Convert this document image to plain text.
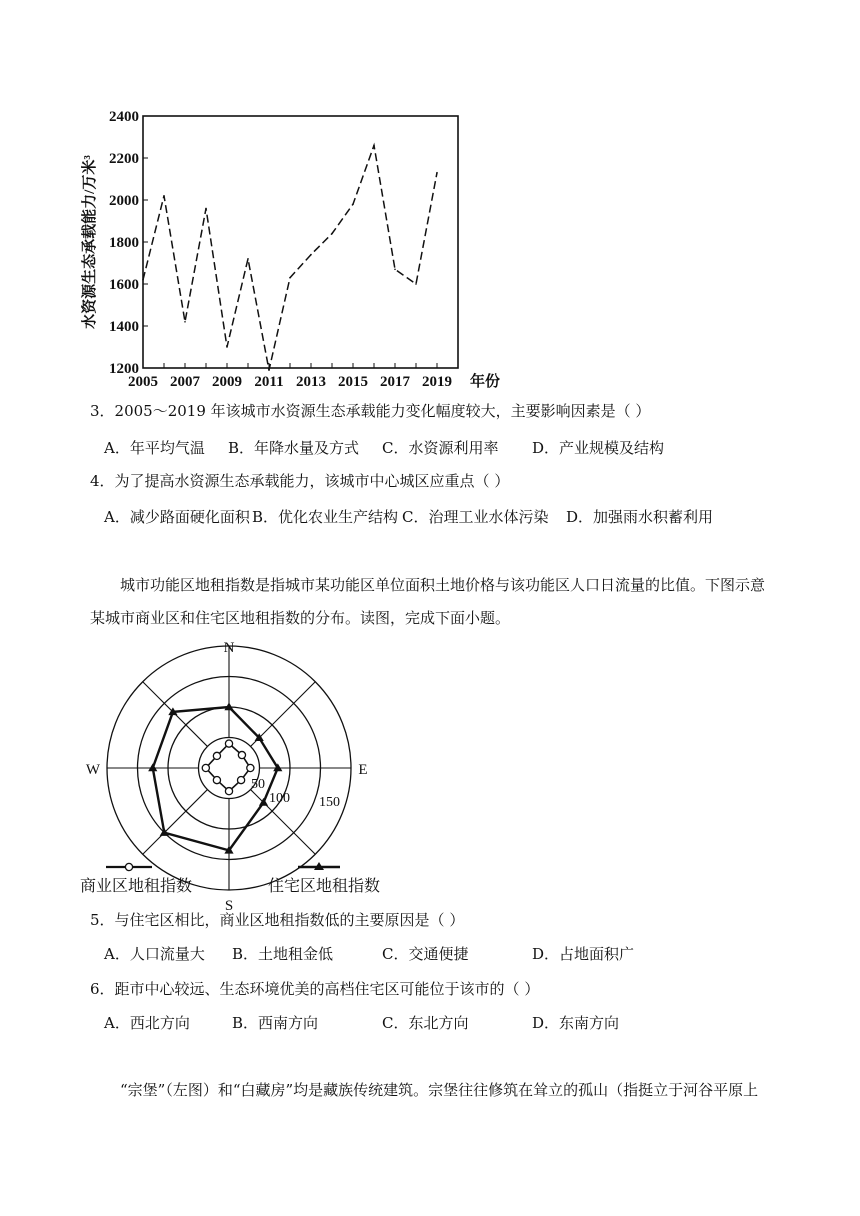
1200
1400
1600
1800
2000
2200
2400
2005 2007 2009 2011 2013 2015 2017 2019 年份
水资源生态承载能力/万米³
3．2005～2019 年该城市水资源生态承载能力变化幅度较大，主要影响因素是（ ）
A．年平均气温 B．年降水量及方式 C．水资源利用率 D．产业规模及结构
4．为了提高水资源生态承载能力，该城市中心城区应重点（ ）
A．减少路面硬化面积 B．优化农业生产结构 C．治理工业水体污染 D．加强雨水积蓄利用
城市功能区地租指数是指城市某功能区单位面积土地价格与该功能区人口日流量的比值。下图示意
某城市商业区和住宅区地租指数的分布。读图，完成下面小题。
50
100 150
N
E
S
W
商业区地租指数	住宅区地租指数
5．与住宅区相比，商业区地租指数低的主要原因是（ ）
A．人口流量大 B．土地租金低	C．交通便捷	D．占地面积广
6．距市中心较远、生态环境优美的高档住宅区可能位于该市的（ ）
A．西北方向	B．西南方向	C．东北方向	D．东南方向
“宗堡”（左图）和“白藏房”均是藏族传统建筑。宗堡往往修筑在耸立的孤山（指挺立于河谷平原上
